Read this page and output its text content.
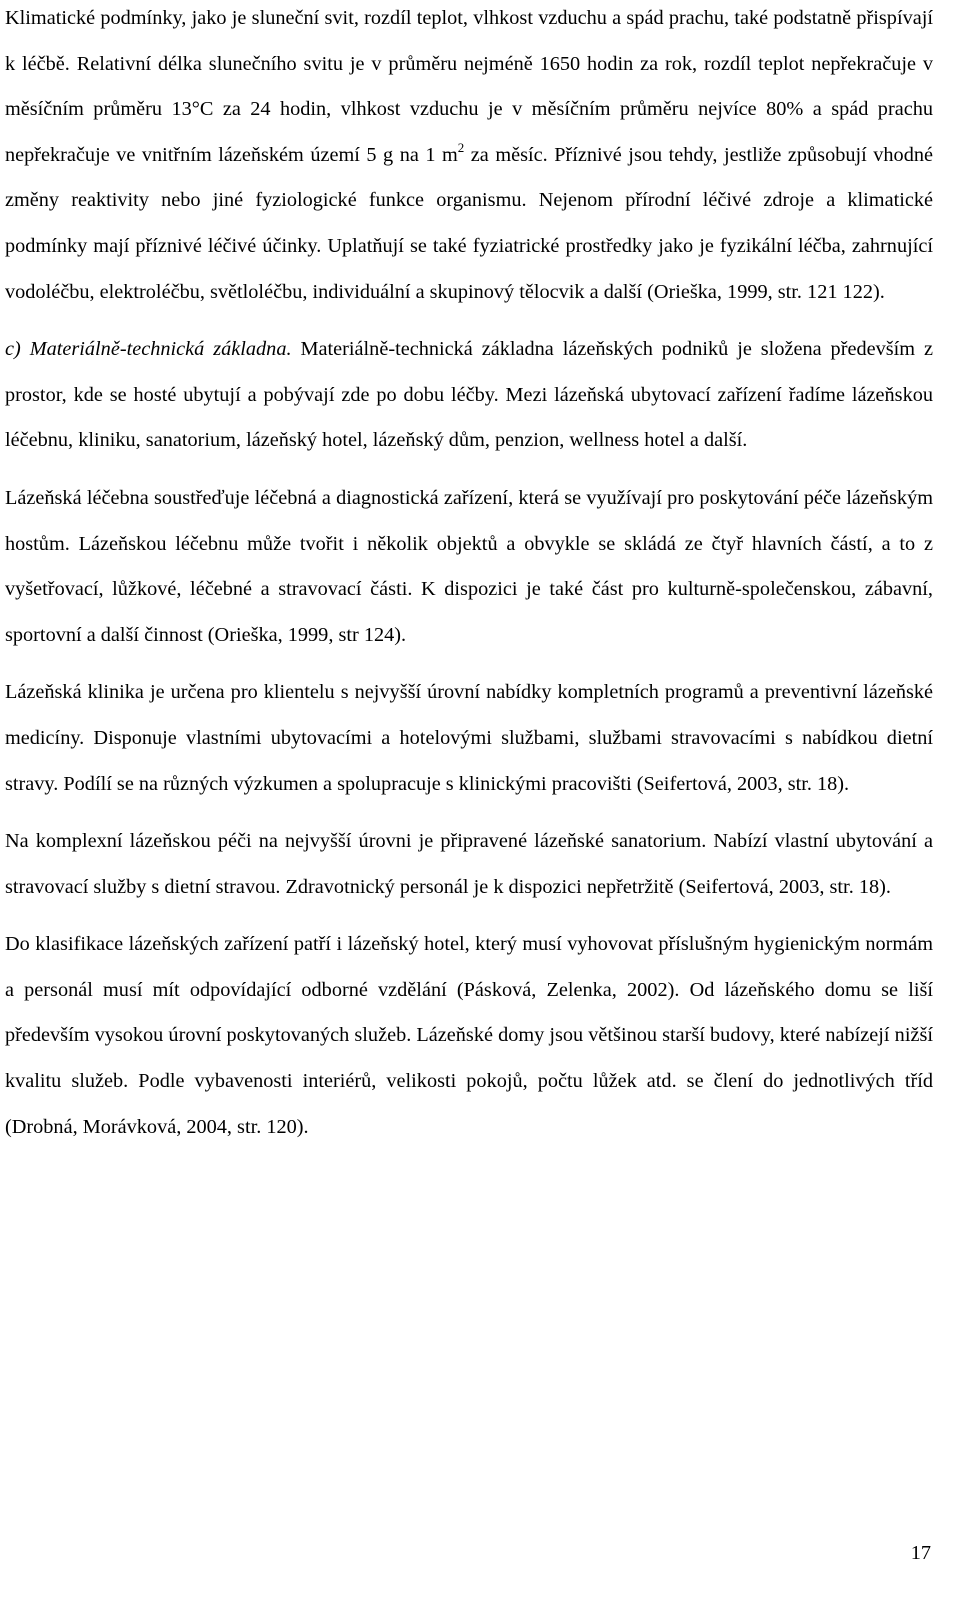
Klimatické podmínky, jako je sluneční svit, rozdíl teplot, vlhkost vzduchu a spád prachu, také podstatně přispívají k léčbě. Relativní délka slunečního svitu je v průměru nejméně 1650 hodin za rok, rozdíl teplot nepřekračuje v měsíčním průměru 13°C za 24 hodin, vlhkost vzduchu je v měsíčním průměru nejvíce 80% a spád prachu nepřekračuje ve vnitřním lázeňském území 5 g na 1 $m^2$ za měsíc. Příznivé jsou tehdy, jestliže způsobují vhodné změny reaktivity nebo jiné fyziologické funkce organismu. Nejenom přírodní léčivé zdroje a klimatické podmínky mají příznivé léčivé účinky. Uplatňují se také fyziatrické prostředky jako je fyzikální léčba, zahrnující vodoléčbu, elektroléčbu, světloléčbu, individuální a skupinový tělocvik a další (Orieška, 1999, str. 121 122).

c) Materiálně-technická základna. Materiálně-technická základna lázeňských podniků je složena především z prostor, kde se hosté ubytují a pobývají zde po dobu léčby. Mezi lázeňská ubytovací zařízení řadíme lázeňskou léčebnu, kliniku, sanatorium, lázeňský hotel, lázeňský dům, penzion, wellness hotel a další.

Lázeňská léčebna soustřeďuje léčebná a diagnostická zařízení, která se využívají pro poskytování péče lázeňským hostům. Lázeňskou léčebnu může tvořit i několik objektů a obvykle se skládá ze čtyř hlavních částí, a to z vyšetřovací, lůžkové, léčebné a stravovací části. K dispozici je také část pro kulturně-společenskou, zábavní, sportovní a další činnost (Orieška, 1999, str 124).

Lázeňská klinika je určena pro klientelu s nejvyšší úrovní nabídky kompletních programů a preventivní lázeňské medicíny. Disponuje vlastními ubytovacími a hotelovými službami, službami stravovacími s nabídkou dietní stravy. Podílí se na různých výzkumen a spolupracuje s klinickými pracovišti (Seifertová, 2003, str. 18).

Na komplexní lázeňskou péči na nejvyšší úrovni je připravené lázeňské sanatorium. Nabízí vlastní ubytování a stravovací služby s dietní stravou. Zdravotnický personál je k dispozici nepřetržitě (Seifertová, 2003, str. 18).

Do klasifikace lázeňských zařízení patří i lázeňský hotel, který musí vyhovovat příslušným hygienickým normám a personál musí mít odpovídající odborné vzdělání (Pásková, Zelenka, 2002). Od lázeňského domu se liší především vysokou úrovní poskytovaných služeb. Lázeňské domy jsou většinou starší budovy, které nabízejí nižší kvalitu služeb. Podle vybavenosti interiérů, velikosti pokojů, počtu lůžek atd. se člení do jednotlivých tříd (Drobná, Morávková, 2004, str. 120).

17
